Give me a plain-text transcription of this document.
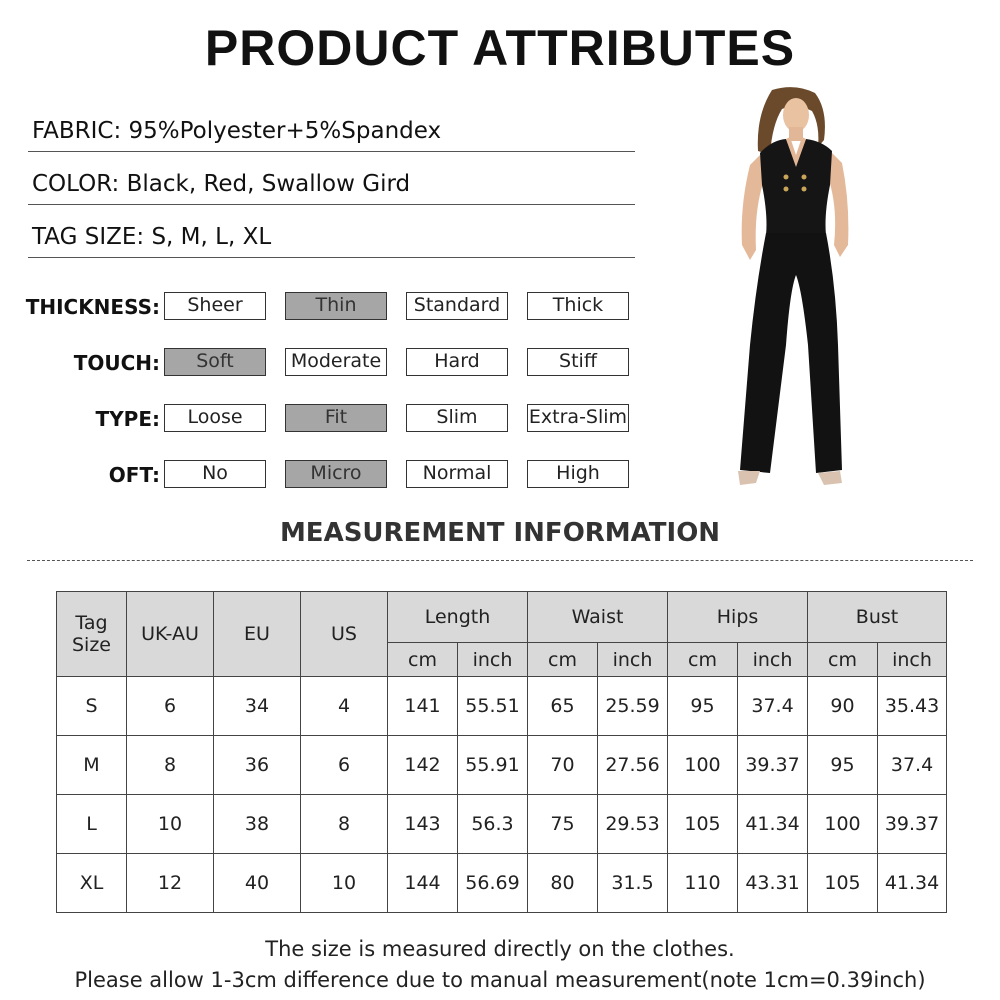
PRODUCT ATTRIBUTES
FABRIC: 95%Polyester+5%Spandex
COLOR: Black, Red, Swallow Gird
TAG SIZE: S, M, L, XL
THICKNESS:	Sheer	Thin	Standard	Thick
TOUCH:	Soft	Moderate	Hard	Stiff
TYPE:	Loose	Fit	Slim	Extra-Slim
OFT:	No	Micro	Normal	High
MEASUREMENT INFORMATION
Tag Size	UK-AU	EU	US	Length		Waist		Hips		Bust	
				cm	inch	cm	inch	cm	inch	cm	inch
S	6	34	4	141	55.51	65	25.59	95	37.4	90	35.43
M	8	36	6	142	55.91	70	27.56	100	39.37	95	37.4
L	10	38	8	143	56.3	75	29.53	105	41.34	100	39.37
XL	12	40	10	144	56.69	80	31.5	110	43.31	105	41.34
The size is measured directly on the clothes.
Please allow 1-3cm difference due to manual measurement(note 1cm=0.39inch)
